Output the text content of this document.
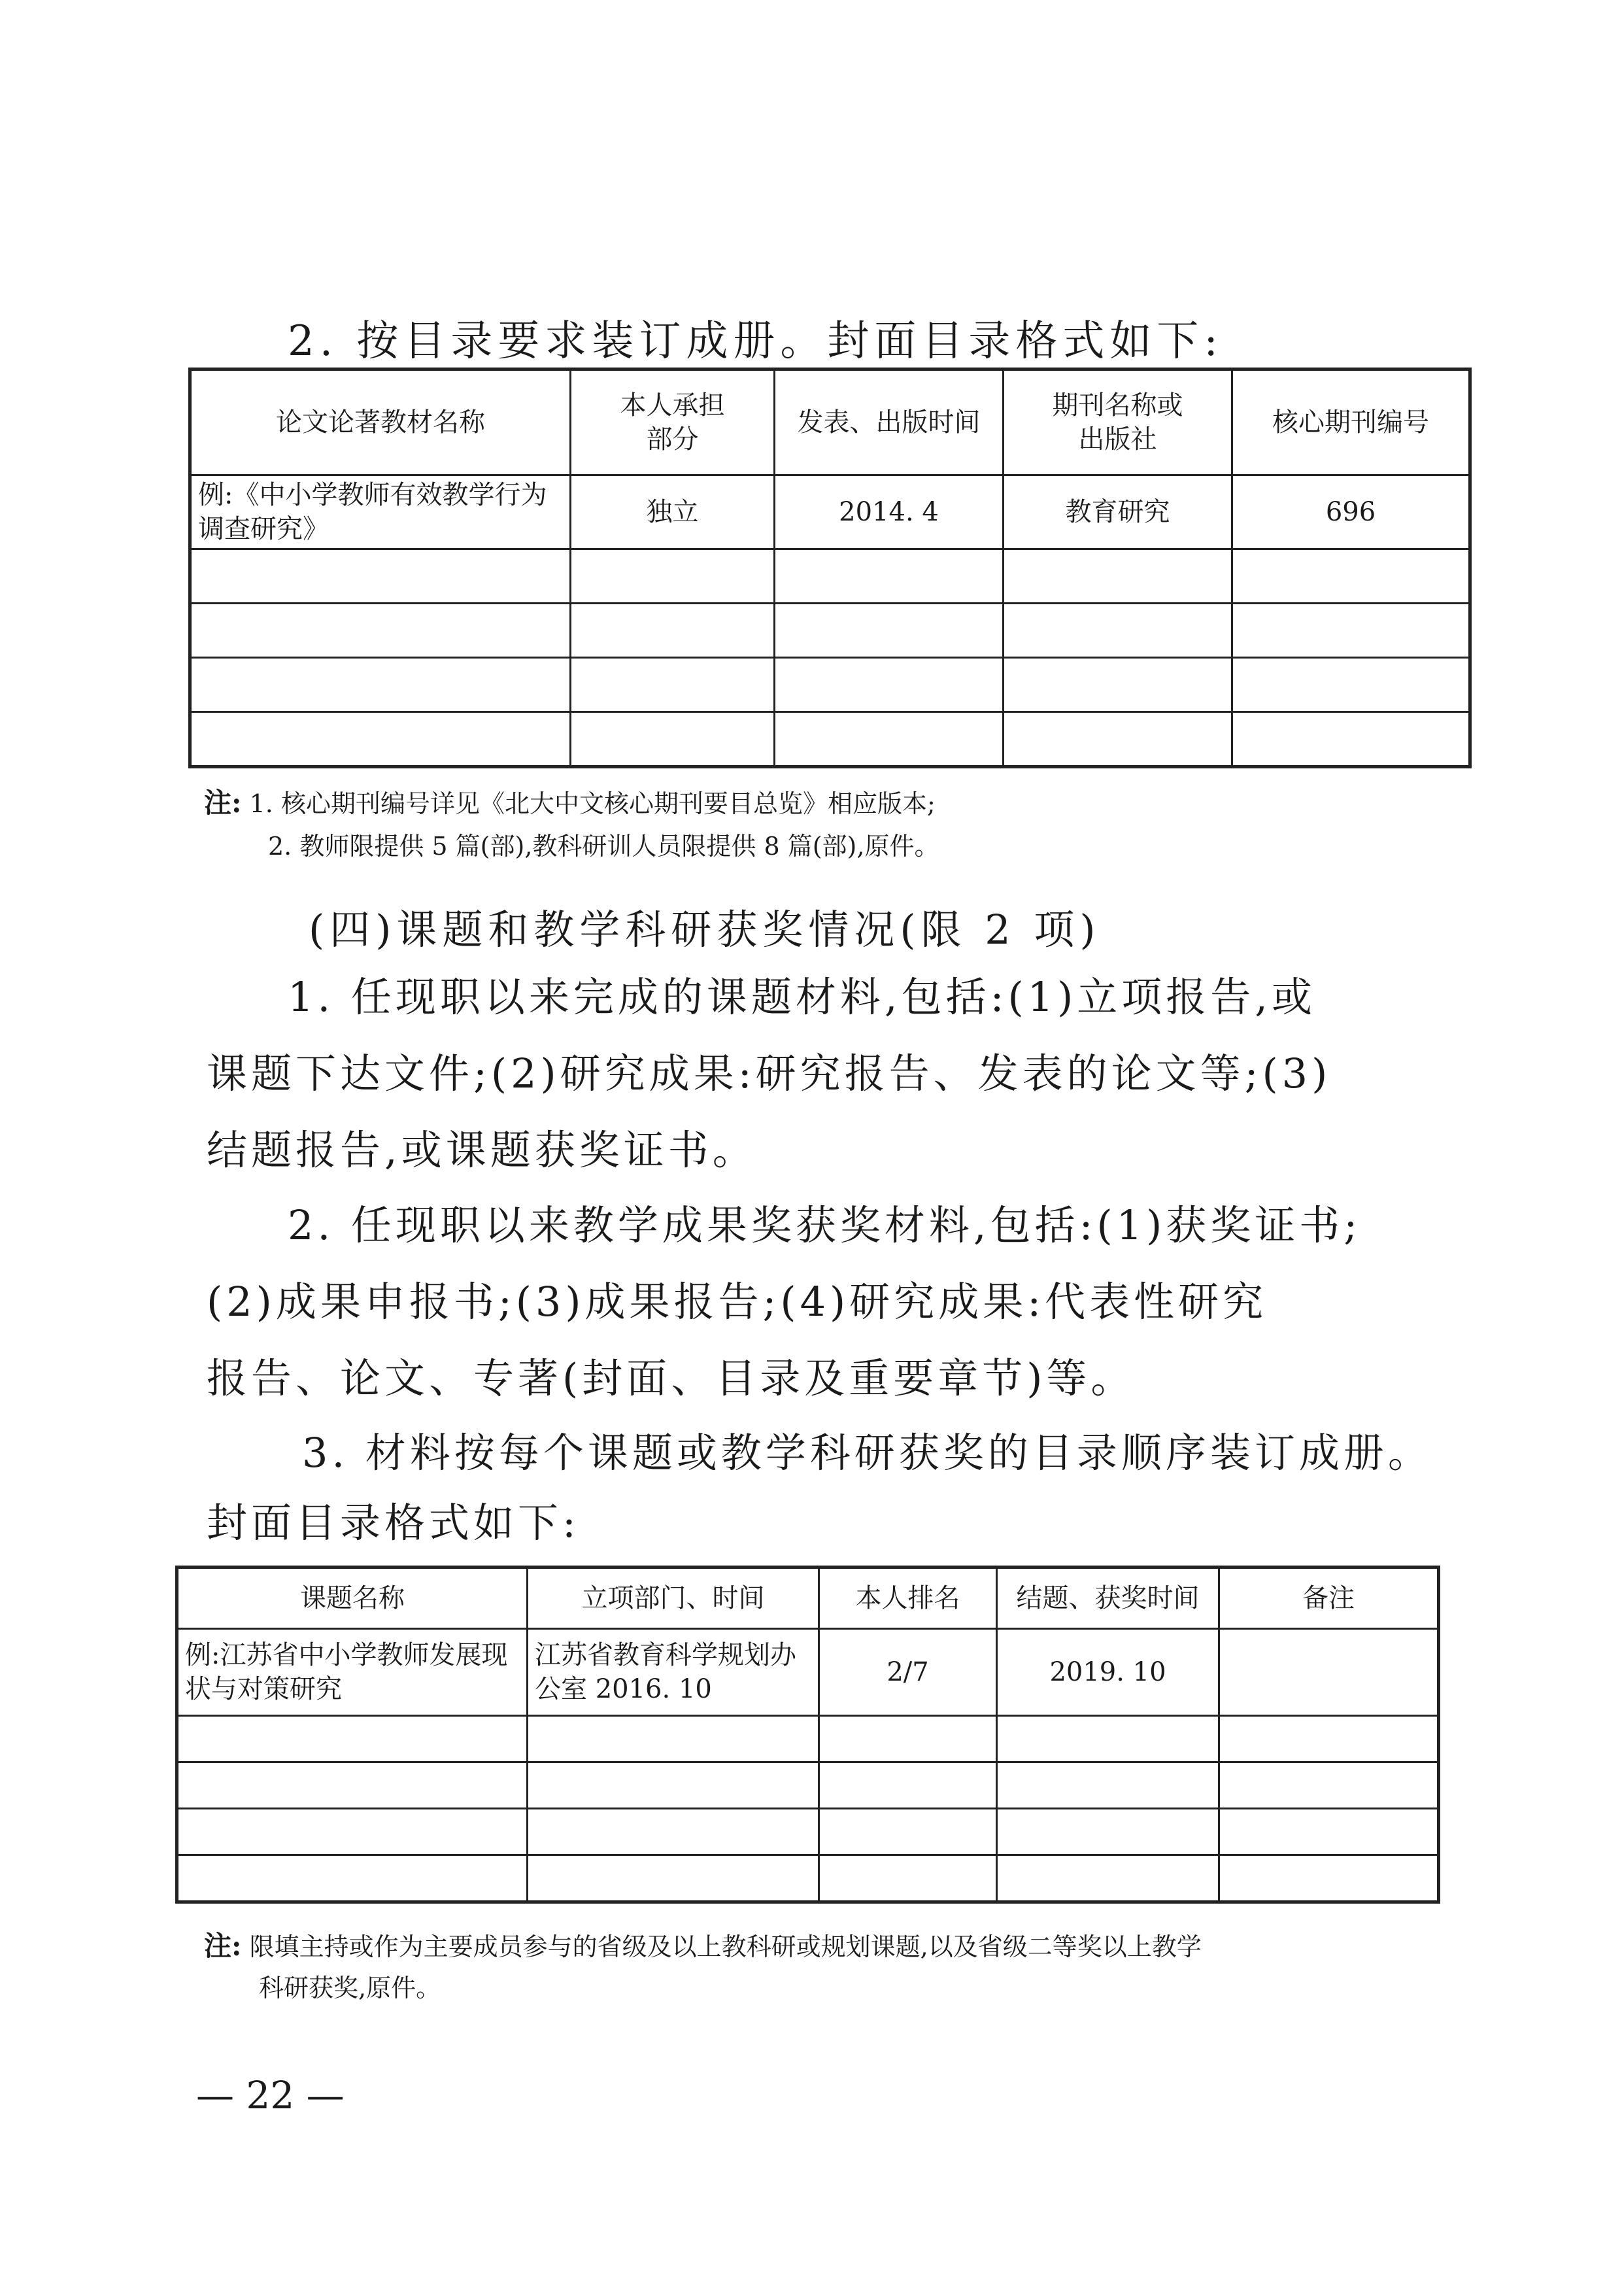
2. 按目录要求装订成册。封面目录格式如下:
论文论著教材名称	本人承担部分	发表、出版时间	期刊名称或出版社	核心期刊编号
例:《中小学教师有效教学行为调查研究》	独立	2014. 4	教育研究	696

注: 1. 核心期刊编号详见《北大中文核心期刊要目总览》相应版本;
2. 教师限提供 5 篇(部),教科研训人员限提供 8 篇(部),原件。
(四)课题和教学科研获奖情况(限 2 项)
1. 任现职以来完成的课题材料,包括:(1)立项报告,或
课题下达文件;(2)研究成果:研究报告、发表的论文等;(3)
结题报告,或课题获奖证书。
2. 任现职以来教学成果奖获奖材料,包括:(1)获奖证书;
(2)成果申报书;(3)成果报告;(4)研究成果:代表性研究
报告、论文、专著(封面、目录及重要章节)等。
3. 材料按每个课题或教学科研获奖的目录顺序装订成册。
封面目录格式如下:
课题名称	立项部门、时间	本人排名	结题、获奖时间	备注
例:江苏省中小学教师发展现状与对策研究	江苏省教育科学规划办公室 2016. 10	2/7	2019. 10	

注: 限填主持或作为主要成员参与的省级及以上教科研或规划课题,以及省级二等奖以上教学
科研获奖,原件。
— 22 —
